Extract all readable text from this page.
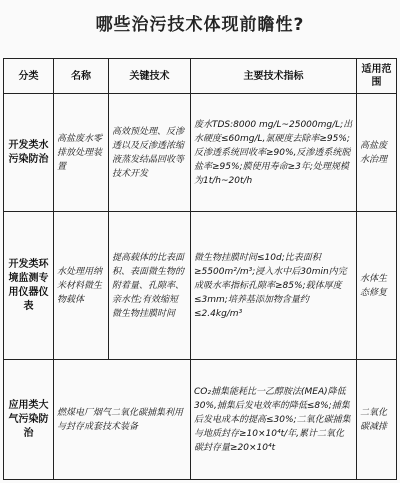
哪些治污技术体现前瞻性?
分类	名称	关键技术	主要技术指标	适用范围
开发类水污染防治	高盐废水零排放处理装置	高效预处理、反渗透以及反渗透浓缩液蒸发结晶回收等技术开发	废水TDS:8000 mg/L~25000mg/L;出水硬度≤60mg/L,氯硬度去除率≥95%;反渗透系统回收率≥90%,反渗透系统脱盐率≥95%;膜使用寿命≥3年;处理规模为1t/h~20t/h	高盐废水治理
开发类环境监测专用仪器仪表	水处理用纳米材料微生物载体	提高载体的比表面积、表面微生物的附着量、孔隙率、亲水性;有效缩短微生物挂膜时间	微生物挂膜时间≤10d;比表面积≥5500m²/m³;浸入水中后30min内完成吸水率指标孔隙率≥85%;载体厚度≤3mm;培养基添加物含量约≤2.4kg/m³	水体生态修复
应用类大气污染防治	燃煤电厂烟气二氧化碳捕集利用与封存成套技术装备		CO₂捕集能耗比一乙醇胺法(MEA)降低30%,捕集后发电效率的降低≤8%;捕集后发电成本的提高≤30%;二氧化碳捕集与地质封存≥10×10⁴t/年,累计二氧化碳封存量≥20×10⁴t	二氧化碳减排
